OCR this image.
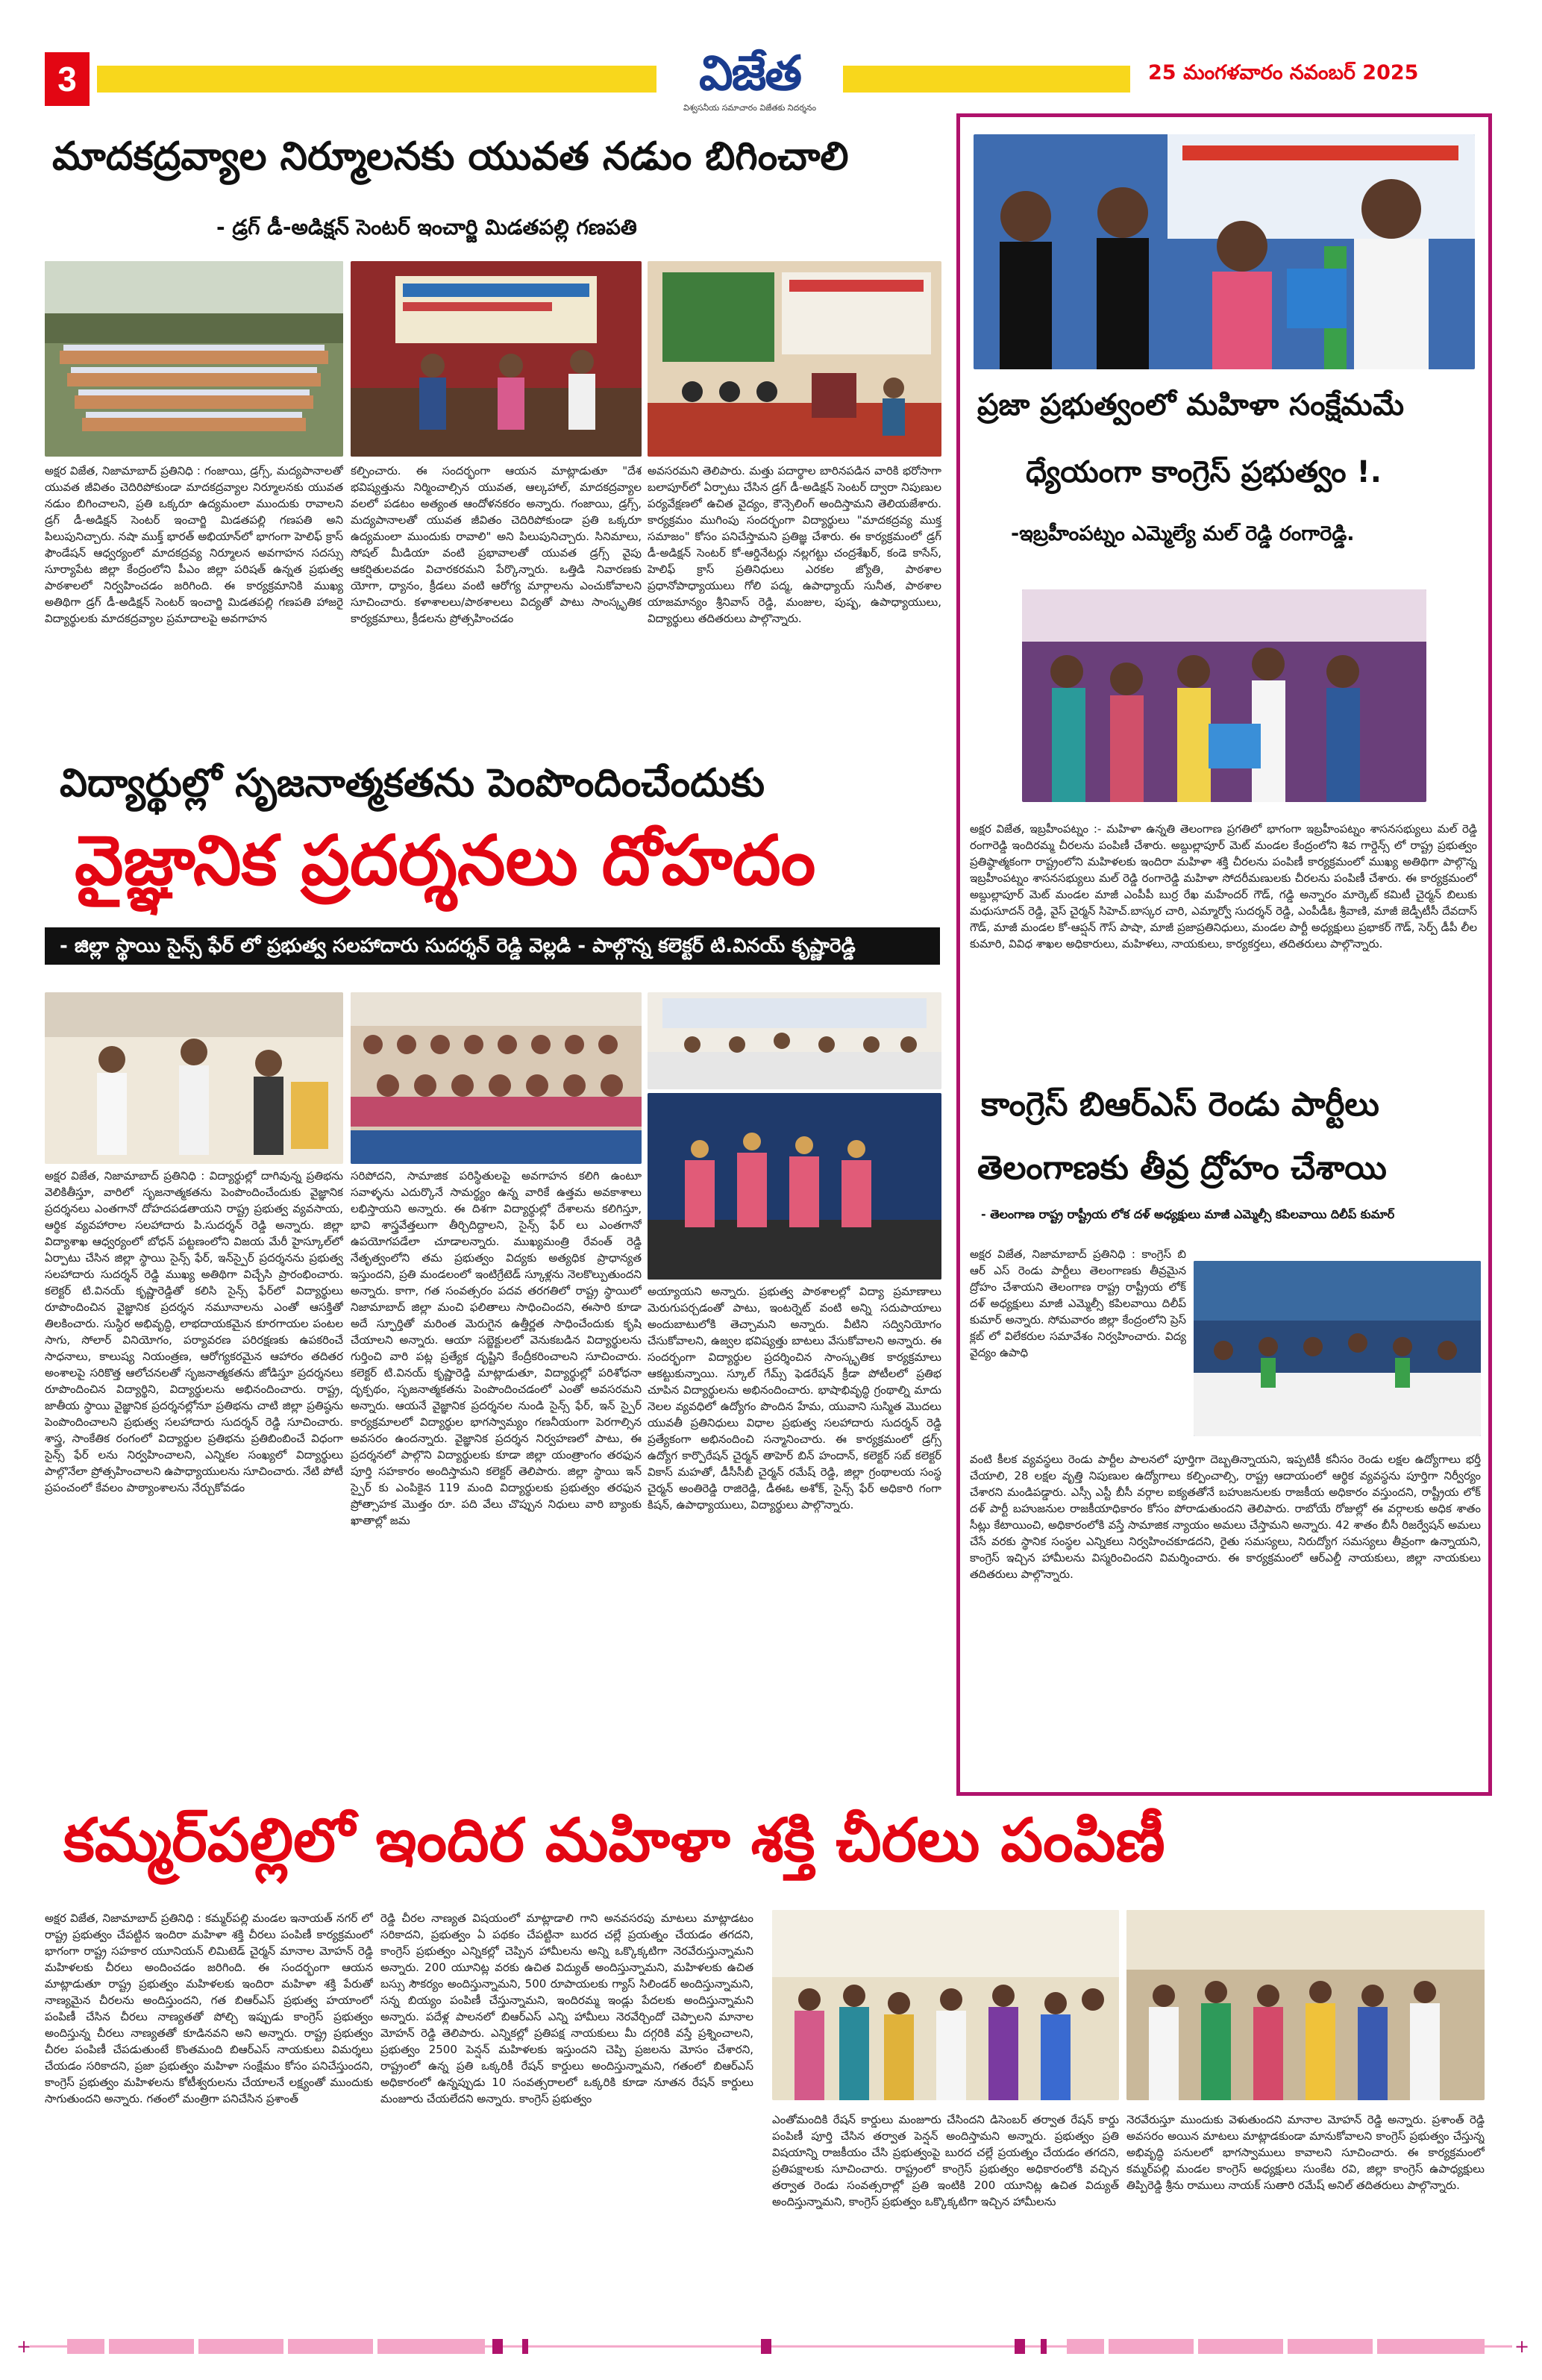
3	విజేత
విశ్వసనీయ సమాచారం విజేతకు నిదర్శనం
25 మంగళవారం నవంబర్ 2025
మాదకద్రవ్యాల నిర్మూలనకు యువత నడుం బిగించాలి
- డ్రగ్ డీ-అడిక్షన్ సెంటర్ ఇంచార్జి మిడతపల్లి గణపతి
అక్షర విజేత, నిజామాబాద్ ప్రతినిధి : గంజాయి, డ్రగ్స్, మద్యపానాలతో యువత జీవితం చెదిరిపోకుండా మాదకద్రవ్యాల నిర్మూలనకు యువత నడుం బిగించాలని, ప్రతి ఒక్కరూ ఉద్యమంలా ముందుకు రావాలని డ్రగ్ డీ-అడిక్షన్ సెంటర్ ఇంచార్జి మిడతపల్లి గణపతి అని పిలుపునిచ్చారు. నషా ముక్త్ భారత్ అభియాన్‌లో భాగంగా హెలిఫ్ క్రాస్ ఫౌండేషన్ ఆధ్వర్యంలో మాదకద్రవ్య నిర్మూలన అవగాహన సదస్సు సూర్యాపేట జిల్లా కేంద్రంలోని పీఎం జిల్లా పరిషత్ ఉన్నత ప్రభుత్వ పాఠశాలలో నిర్వహించడం జరిగింది. ఈ కార్యక్రమానికి ముఖ్య అతిథిగా డ్రగ్ డీ-అడిక్షన్ సెంటర్ ఇంచార్జి మిడతపల్లి గణపతి హాజరై విద్యార్థులకు మాదకద్రవ్యాల ప్రమాదాలపై అవగాహన
కల్పించారు. ఈ సందర్భంగా ఆయన మాట్లాడుతూ "దేశ భవిష్యత్తును నిర్మించాల్సిన యువత, ఆల్కహాల్, మాదకద్రవ్యాల వలలో పడటం అత్యంత ఆందోళనకరం అన్నారు. గంజాయి, డ్రగ్స్, మద్యపానాలతో యువత జీవితం చెదిరిపోకుండా ప్రతి ఒక్కరూ ఉద్యమంలా ముందుకు రావాలి" అని పిలుపునిచ్చారు. సినిమాలు, సోషల్ మీడియా వంటి ప్రభావాలతో యువత డ్రగ్స్ వైపు ఆకర్షితులవడం విచారకరమని పేర్కొన్నారు. ఒత్తిడి నివారణకు యోగా, ధ్యానం, క్రీడలు వంటి ఆరోగ్య మార్గాలను ఎంచుకోవాలని సూచించారు. కళాశాలలు/పాఠశాలలు విద్యతో పాటు సాంస్కృతిక కార్యక్రమాలు, క్రీడలను ప్రోత్సహించడం
అవసరమని తెలిపారు. మత్తు పదార్థాల బారినపడిన వారికి భరోసాగా బలాపూర్‌లో ఏర్పాటు చేసిన డ్రగ్ డీ-అడిక్షన్ సెంటర్ ద్వారా నిపుణుల పర్యవేక్షణలో ఉచిత వైద్యం, కౌన్సెలింగ్ అందిస్తామని తెలియజేశారు. కార్యక్రమం ముగింపు సందర్భంగా విద్యార్థులు "మాదకద్రవ్య ముక్త సమాజం" కోసం పనిచేస్తామని ప్రతిజ్ఞ చేశారు. ఈ కార్యక్రమంలో డ్రగ్ డీ-అడిక్షన్ సెంటర్ కో-ఆర్డినేటర్లు నల్లగట్టు చంద్రశేఖర్, కండె కాసేస్, హెలిఫ్ క్రాస్ ప్రతినిధులు ఎరకల జ్యోతి, పాఠశాల ప్రధానోపాధ్యాయులు గోలి పద్మ, ఉపాధ్యాయ్ సునీత, పాఠశాల యాజమాన్యం శ్రీనివాస్ రెడ్డి, మంజుల, పుష్ప, ఉపాధ్యాయులు, విద్యార్థులు తదితరులు పాల్గొన్నారు.
విద్యార్థుల్లో సృజనాత్మకతను పెంపొందించేందుకు
వైజ్ఞానిక ప్రదర్శనలు దోహదం
- జిల్లా స్థాయి సైన్స్ ఫేర్ లో ప్రభుత్వ సలహాదారు సుదర్శన్ రెడ్డి వెల్లడి - పాల్గొన్న కలెక్టర్ టి.వినయ్ కృష్ణారెడ్డి
అక్షర విజేత, నిజామాబాద్ ప్రతినిధి : విద్యార్థుల్లో దాగివున్న ప్రతిభను వెలికితీస్తూ, వారిలో సృజనాత్మకతను పెంపొందించేందుకు వైజ్ఞానిక ప్రదర్శనలు ఎంతగానో దోహదపడతాయని రాష్ట్ర ప్రభుత్వ వ్యవసాయ, ఆర్థిక వ్యవహారాల సలహాదారు పి.సుదర్శన్ రెడ్డి అన్నారు. జిల్లా విద్యాశాఖ ఆధ్వర్యంలో బోధన్ పట్టణంలోని విజయ మేరీ హైస్కూల్‌లో ఏర్పాటు చేసిన జిల్లా స్థాయి సైన్స్ ఫేర్, ఇన్‌స్పైర్ ప్రదర్శనను ప్రభుత్వ సలహాదారు సుదర్శన్ రెడ్డి ముఖ్య అతిథిగా విచ్చేసి ప్రారంభించారు. కలెక్టర్ టి.వినయ్ కృష్ణారెడ్డితో కలిసి సైన్స్ ఫేర్‌లో విద్యార్థులు రూపొందించిన వైజ్ఞానిక ప్రదర్శన నమూనాలను ఎంతో ఆసక్తితో తిలకించారు. సుస్థిర అభివృద్ధి, లాభదాయకమైన కూరగాయల పంటల సాగు, సోలార్ వినియోగం, పర్యావరణ పరిరక్షణకు ఉపకరించే సాధనాలు, కాలుష్య నియంత్రణ, ఆరోగ్యకరమైన ఆహారం తదితర అంశాలపై సరికొత్త ఆలోచనలతో సృజనాత్మకతను జోడిస్తూ ప్రదర్శనలు రూపొందించిన విద్యార్థిని, విద్యార్థులను అభినందించారు. రాష్ట్ర, జాతీయ స్థాయి వైజ్ఞానిక ప్రదర్శనల్లోనూ ప్రతిభను చాటి జిల్లా ప్రతిష్ఠను పెంపొందించాలని ప్రభుత్వ సలహాదారు సుదర్శన్ రెడ్డి సూచించారు. శాస్త్ర, సాంకేతిక రంగంలో విద్యార్థుల ప్రతిభను ప్రతిబింబించే విధంగా సైన్స్ ఫేర్ లను నిర్వహించాలని, ఎన్నికల సంఖ్యలో విద్యార్థులు పాల్గొనేలా ప్రోత్సహించాలని ఉపాధ్యాయులను సూచించారు. నేటి పోటీ ప్రపంచంలో కేవలం పాఠ్యాంశాలను నేర్చుకోవడం
సరిపోదని, సామాజిక పరిస్థితులపై అవగాహన కలిగి ఉంటూ సవాళ్ళను ఎదుర్కొనే సామర్థ్యం ఉన్న వారికే ఉత్తమ అవకాశాలు లభిస్తాయని అన్నారు. ఈ దిశగా విద్యార్థుల్లో దేశాలను కలిగిస్తూ, భావి శాస్త్రవేత్తలుగా తీర్చిదిద్దాలని, సైన్స్ ఫేర్ లు ఎంతగానో ఉపయోగపడేలా చూడాలన్నారు. ముఖ్యమంత్రి రేవంత్ రెడ్డి నేతృత్వంలోని తమ ప్రభుత్వం విద్యకు అత్యధిక ప్రాధాన్యత ఇస్తుందని, ప్రతి మండలంలో ఇంటిగ్రేటెడ్ స్కూళ్లను నెలకొల్పుతుందని అన్నారు. కాగా, గత సంవత్సరం పదవ తరగతిలో రాష్ట్ర స్థాయిలో నిజామాబాద్ జిల్లా మంచి ఫలితాలు సాధించిందని, ఈసారి కూడా అదే స్ఫూర్తితో మరింత మెరుగైన ఉత్తీర్ణత సాధించేందుకు కృషి చేయాలని అన్నారు. ఆయా సబ్జెక్టులలో వెనుకబడిన విద్యార్థులను గుర్తించి వారి పట్ల ప్రత్యేక దృష్టిని కేంద్రీకరించాలని సూచించారు. కలెక్టర్ టి.వినయ్ కృష్ణారెడ్డి మాట్లాడుతూ, విద్యార్థుల్లో పరిశోధనా దృక్పథం, సృజనాత్మకతను పెంపొందించడంలో ఎంతో అవసరమని అన్నారు. ఆయనే వైజ్ఞానిక ప్రదర్శనల నుండి సైన్స్ ఫేర్, ఇన్ స్పైర్ కార్యక్రమాలలో విద్యార్థుల భాగస్వామ్యం గణనీయంగా పెరగాల్సిన అవసరం ఉందన్నారు. వైజ్ఞానిక ప్రదర్శన నిర్వహణలో పాటు, ఈ ప్రదర్శనలో పాల్గొని విద్యార్థులకు కూడా జిల్లా యంత్రాంగం తరఫున పూర్తి సహకారం అందిస్తామని కలెక్టర్ తెలిపారు. జిల్లా స్థాయి ఇన్ స్పైర్ కు ఎంపికైన 119 మంది విద్యార్థులకు ప్రభుత్వం తరఫున ప్రోత్సాహక మొత్తం రూ. పది వేలు చొప్పున నిధులు వారి బ్యాంకు ఖాతాల్లో జమ
అయ్యాయని అన్నారు. ప్రభుత్వ పాఠశాలల్లో విద్యా ప్రమాణాలు మెరుగుపర్చడంతో పాటు, ఇంటర్నెట్ వంటి అన్ని సదుపాయాలు అందుబాటులోకి తెచ్చామని అన్నారు. వీటిని సద్వినియోగం చేసుకోవాలని, ఉజ్వల భవిష్యత్తు బాటలు వేసుకోవాలని అన్నారు. ఈ సందర్భంగా విద్యార్థుల ప్రదర్శించిన సాంస్కృతిక కార్యక్రమాలు ఆకట్టుకున్నాయి. స్కూల్ గేమ్స్ ఫెడరేషన్ క్రీడా పోటీలలో ప్రతిభ చూపిన విద్యార్థులను అభినందించారు. భాషాభివృద్ధి గ్రంథాల్ని మాదు నెలల వ్యవధిలో ఉద్యోగం పొందిన హేమ, యువాని సుస్మిత మొదలు యువతీ ప్రతినిధులు విధాల ప్రభుత్వ సలహాదారు సుదర్శన్ రెడ్డి ప్రత్యేకంగా అభినందించి సన్మానించారు. ఈ కార్యక్రమంలో డ్రగ్స్ ఉద్యోగ కార్పొరేషన్ చైర్మన్ తాహెర్ బిన్ హందాన్, కలెక్టర్ సబ్ కలెక్టర్ వికాస్ మహతో, డీసీసీబీ చైర్మన్ రమేష్ రెడ్డి, జిల్లా గ్రంథాలయ సంస్థ చైర్మన్ అంతిరెడ్డి రాజిరెడ్డి, డీఈఓ అశోక్, సైన్స్ ఫేర్ అధికారి గంగా కిషన్, ఉపాధ్యాయులు, విద్యార్థులు పాల్గొన్నారు.
ప్రజా ప్రభుత్వంలో మహిళా సంక్షేమమే
ధ్యేయంగా కాంగ్రెస్ ప్రభుత్వం !.
-ఇబ్రహీంపట్నం ఎమ్మెల్యే మల్ రెడ్డి రంగారెడ్డి.
అక్షర విజేత, ఇబ్రహీంపట్నం :- మహిళా ఉన్నతి తెలంగాణ ప్రగతిలో భాగంగా ఇబ్రహీంపట్నం శాసనసభ్యులు మల్ రెడ్డి రంగారెడ్డి ఇందిరమ్మ చీరలను పంపిణీ చేశారు. అబ్దుల్లాపూర్ మెట్ మండల కేంద్రంలోని శివ గార్డెన్స్ లో రాష్ట్ర ప్రభుత్వం ప్రతిష్ఠాత్మకంగా రాష్ట్రంలోని మహిళలకు ఇందిరా మహిళా శక్తి చీరలను పంపిణీ కార్యక్రమంలో ముఖ్య అతిథిగా పాల్గొన్న ఇబ్రహీంపట్నం శాసనసభ్యులు మల్ రెడ్డి రంగారెడ్డి మహిళా సోదరీమణులకు చీరలను పంపిణీ చేశారు. ఈ కార్యక్రమంలో అబ్దుల్లాపూర్ మెట్ మండల మాజీ ఎంపీపీ బుర్ర రేఖ మహేందర్ గౌడ్, గడ్డి అన్నారం మార్కెట్ కమిటీ చైర్మన్ బిలుకు మధుసూదన్ రెడ్డి, వైస్ చైర్మన్ సిహెచ్.బాస్కర చారి, ఎమ్మార్వో సుదర్శన్ రెడ్డి, ఎంపీడీఓ శ్రీవాణి, మాజీ జెడ్పీటీసీ దేవదాస్ గౌడ్, మాజీ మండల కో-ఆప్షన్ గౌస్ పాషా, మాజీ ప్రజాప్రతినిధులు, మండల పార్టీ అధ్యక్షులు ప్రభాకర్ గౌడ్, సెర్ప్ డీపీ లీల కుమారి, వివిధ శాఖల అధికారులు, మహిళలు, నాయకులు, కార్యకర్తలు, తదితరులు పాల్గొన్నారు.
కాంగ్రెస్ బిఆర్ఎస్ రెండు పార్టీలు
తెలంగాణకు తీవ్ర ద్రోహం చేశాయి
- తెలంగాణ రాష్ట్ర రాష్ట్రీయ లోక దళ్ అధ్యక్షులు మాజీ ఎమ్మెల్సీ కపిలవాయి దిలీప్ కుమార్
అక్షర విజేత, నిజామాబాద్ ప్రతినిధి : కాంగ్రెస్ బి ఆర్ ఎస్ రెండు పార్టీలు తెలంగాణకు తీవ్రమైన ద్రోహం చేశాయని తెలంగాణ రాష్ట్ర రాష్ట్రీయ లోక్ దళ్ అధ్యక్షులు మాజీ ఎమ్మెల్సీ కపిలవాయి దిలీప్ కుమార్ అన్నారు. సోమవారం జిల్లా కేంద్రంలోని ప్రెస్ క్లబ్ లో విలేకరుల సమావేశం నిర్వహించారు. విద్య వైద్యం ఉపాధి
వంటి కీలక వ్యవస్థలు రెండు పార్టీల పాలనలో పూర్తిగా దెబ్బతిన్నాయని, ఇప్పటికీ కనీసం రెండు లక్షల ఉద్యోగాలు భర్తీ చేయాలి, 28 లక్షల వృత్తి నిపుణుల ఉద్యోగాలు కల్పించాల్సి, రాష్ట్ర ఆదాయంలో ఆర్థిక వ్యవస్థను పూర్తిగా నిర్వీర్యం చేశారని మండిపడ్డారు. ఎస్సీ ఎస్టీ బీసీ వర్గాల ఐక్యతతోనే బహుజనులకు రాజకీయ అధికారం వస్తుందని, రాష్ట్రీయ లోక్ దళ్ పార్టీ బహుజనుల రాజకీయాధికారం కోసం పోరాడుతుందని తెలిపారు. రాబోయే రోజుల్లో ఈ వర్గాలకు అధిక శాతం సీట్లు కేటాయించి, అధికారంలోకి వస్తే సామాజిక న్యాయం అమలు చేస్తామని అన్నారు. 42 శాతం బీసీ రిజర్వేషన్ అమలు చేసే వరకు స్థానిక సంస్థల ఎన్నికలు నిర్వహించకూడదని, రైతు సమస్యలు, నిరుద్యోగ సమస్యలు తీవ్రంగా ఉన్నాయని, కాంగ్రెస్ ఇచ్చిన హామీలను విస్మరించిందని విమర్శించారు. ఈ కార్యక్రమంలో ఆర్ఎల్డీ నాయకులు, జిల్లా నాయకులు తదితరులు పాల్గొన్నారు.
కమ్మర్‌పల్లిలో ఇందిర మహిళా శక్తి చీరలు పంపిణీ
అక్షర విజేత, నిజామాబాద్ ప్రతినిధి : కమ్మర్‌పల్లి మండల ఇనాయత్ నగర్ లో రాష్ట్ర ప్రభుత్వం చేపట్టిన ఇందిరా మహిళా శక్తి చీరలు పంపిణీ కార్యక్రమంలో భాగంగా రాష్ట్ర సహకార యూనియన్ లిమిటెడ్ చైర్మన్ మానాల మోహన్ రెడ్డి మహిళలకు చీరలు అందించడం జరిగింది. ఈ సందర్భంగా ఆయన మాట్లాడుతూ రాష్ట్ర ప్రభుత్వం మహిళలకు ఇందిరా మహిళా శక్తి పేరుతో నాణ్యమైన చీరలను అందిస్తుందని, గత బిఆర్ఎస్ ప్రభుత్వ హయాంలో పంపిణీ చేసిన చీరలు నాణ్యతతో పోల్చి ఇప్పుడు కాంగ్రెస్ ప్రభుత్వం అందిస్తున్న చీరలు నాణ్యతతో కూడినవని అని అన్నారు. రాష్ట్ర ప్రభుత్వం చీరల పంపిణీ చేపడుతుంటే కొంతమంది బిఆర్ఎస్ నాయకులు విమర్శలు చేయడం సరికాదని, ప్రజా ప్రభుత్వం మహిళా సంక్షేమం కోసం పనిచేస్తుందని, కాంగ్రెస్ ప్రభుత్వం మహిళలను కోటీశ్వరులను చేయాలనే లక్ష్యంతో ముందుకు సాగుతుందని అన్నారు. గతంలో మంత్రిగా పనిచేసిన ప్రశాంత్
రెడ్డి చీరల నాణ్యత విషయంలో మాట్లాడాలి గాని అనవసరపు మాటలు మాట్లాడటం సరికాదని, ప్రభుత్వం ఏ పథకం చేపట్టినా బురద చల్లే ప్రయత్నం చేయడం తగదని, కాంగ్రెస్ ప్రభుత్వం ఎన్నికల్లో చెప్పిన హామీలను అన్ని ఒక్కొక్కటిగా నెరవేరుస్తున్నామని అన్నారు. 200 యూనిట్ల వరకు ఉచిత విద్యుత్ అందిస్తున్నామని, మహిళలకు ఉచిత బస్సు సౌకర్యం అందిస్తున్నామని, 500 రూపాయలకు గ్యాస్ సిలిండర్ అందిస్తున్నామని, సన్న బియ్యం పంపిణీ చేస్తున్నామని, ఇందిరమ్మ ఇండ్లు పేదలకు అందిస్తున్నామని అన్నారు. పదేళ్ల పాలనలో బిఆర్ఎస్ ఎన్ని హామీలు నెరవేర్చిందో చెప్పాలని మానాల మోహన్ రెడ్డి తెలిపారు. ఎన్నికల్లో ప్రతిపక్ష నాయకులు మీ దగ్గరికి వస్తే ప్రశ్నించాలని, ప్రభుత్వం 2500 పెన్షన్ మహిళలకు ఇస్తుందని చెప్పి ప్రజలను మోసం చేశారని, రాష్ట్రంలో ఉన్న ప్రతి ఒక్కరికీ రేషన్ కార్డులు అందిస్తున్నామని, గతంలో బిఆర్ఎస్ అధికారంలో ఉన్నప్పుడు 10 సంవత్సరాలలో ఒక్కరికి కూడా నూతన రేషన్ కార్డులు మంజూరు చేయలేదని అన్నారు. కాంగ్రెస్ ప్రభుత్వం
ఎంతోమందికి రేషన్ కార్డులు మంజూరు చేసిందని డిసెంబర్ తర్వాత రేషన్ కార్డు పంపిణీ పూర్తి చేసిన తర్వాత పెన్షన్ అందిస్తామని అన్నారు. ప్రభుత్వం ప్రతి విషయాన్ని రాజకీయం చేసి ప్రభుత్వంపై బురద చల్లే ప్రయత్నం చేయడం తగదని, ప్రతిపక్షాలకు సూచించారు. రాష్ట్రంలో కాంగ్రెస్ ప్రభుత్వం అధికారంలోకి వచ్చిన తర్వాత రెండు సంవత్సరాల్లో ప్రతి ఇంటికి 200 యూనిట్ల ఉచిత విద్యుత్ అందిస్తున్నామని, కాంగ్రెస్ ప్రభుత్వం ఒక్కొక్కటిగా ఇచ్చిన హామీలను
నెరవేరుస్తూ ముందుకు వెళుతుందని మానాల మోహన్ రెడ్డి అన్నారు. ప్రశాంత్ రెడ్డి అవసరం అయిన మాటలు మాట్లాడకుండా మానుకోవాలని కాంగ్రెస్ ప్రభుత్వం చేస్తున్న అభివృద్ధి పనులలో భాగస్వాములు కావాలని సూచించారు. ఈ కార్యక్రమంలో కమ్మర్‌పల్లి మండల కాంగ్రెస్ అధ్యక్షులు సుంకేట రవి, జిల్లా కాంగ్రెస్ ఉపాధ్యక్షులు తిప్పిరెడ్డి శ్రీను రాములు నాయక్ సుతారి రమేష్ అనిల్ తదితరులు పాల్గొన్నారు.
+	+
